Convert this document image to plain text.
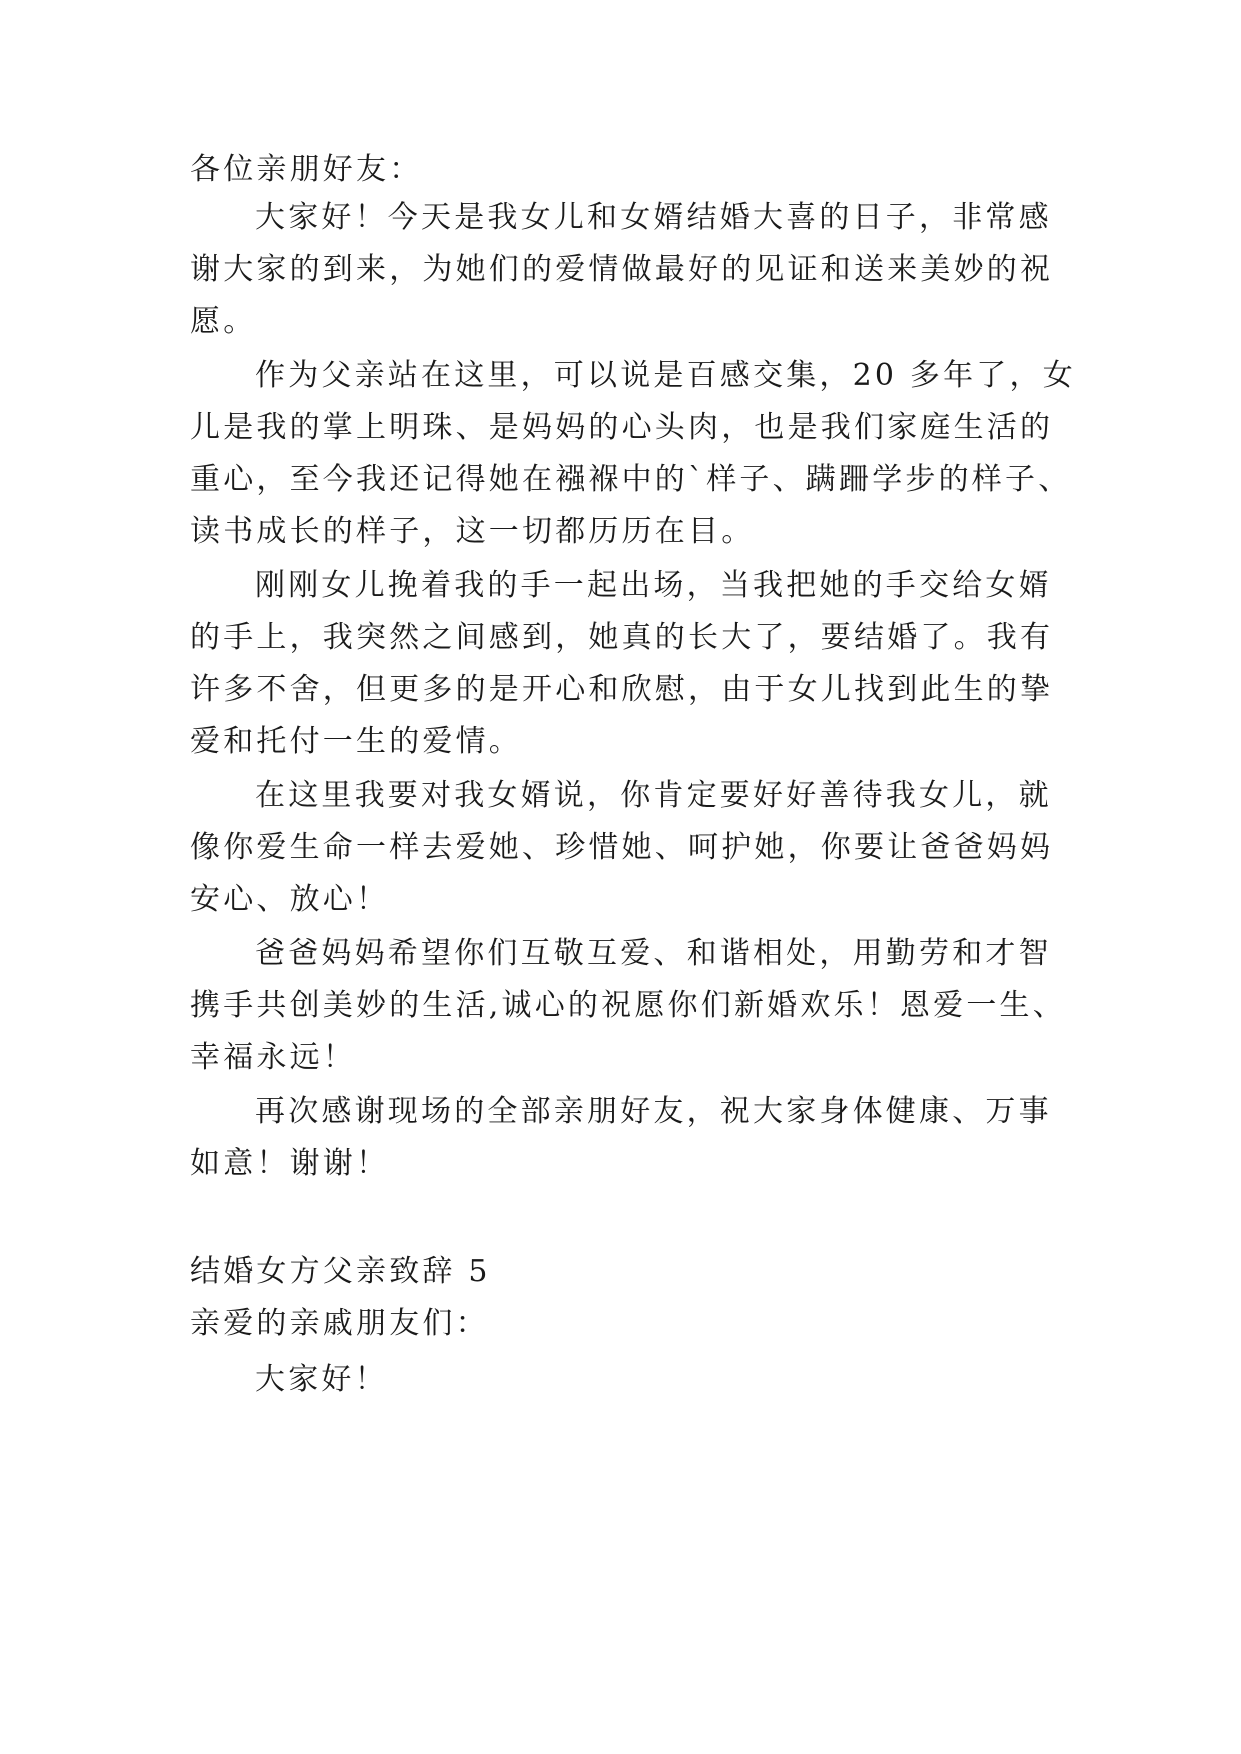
各位亲朋好友：
大家好！今天是我女儿和女婿结婚大喜的日子，非常感
谢大家的到来，为她们的爱情做最好的见证和送来美妙的祝
愿。
作为父亲站在这里，可以说是百感交集，20 多年了，女
儿是我的掌上明珠、是妈妈的心头肉，也是我们家庭生活的
重心，至今我还记得她在襁褓中的`样子、蹒跚学步的样子、
读书成长的样子，这一切都历历在目。
刚刚女儿挽着我的手一起出场，当我把她的手交给女婿
的手上，我突然之间感到，她真的长大了，要结婚了。我有
许多不舍，但更多的是开心和欣慰，由于女儿找到此生的挚
爱和托付一生的爱情。
在这里我要对我女婿说，你肯定要好好善待我女儿，就
像你爱生命一样去爱她、珍惜她、呵护她，你要让爸爸妈妈
安心、放心！
爸爸妈妈希望你们互敬互爱、和谐相处，用勤劳和才智
携手共创美妙的生活,诚心的祝愿你们新婚欢乐！恩爱一生、
幸福永远！
再次感谢现场的全部亲朋好友，祝大家身体健康、万事
如意！谢谢！
结婚女方父亲致辞 5
亲爱的亲戚朋友们：
大家好！
